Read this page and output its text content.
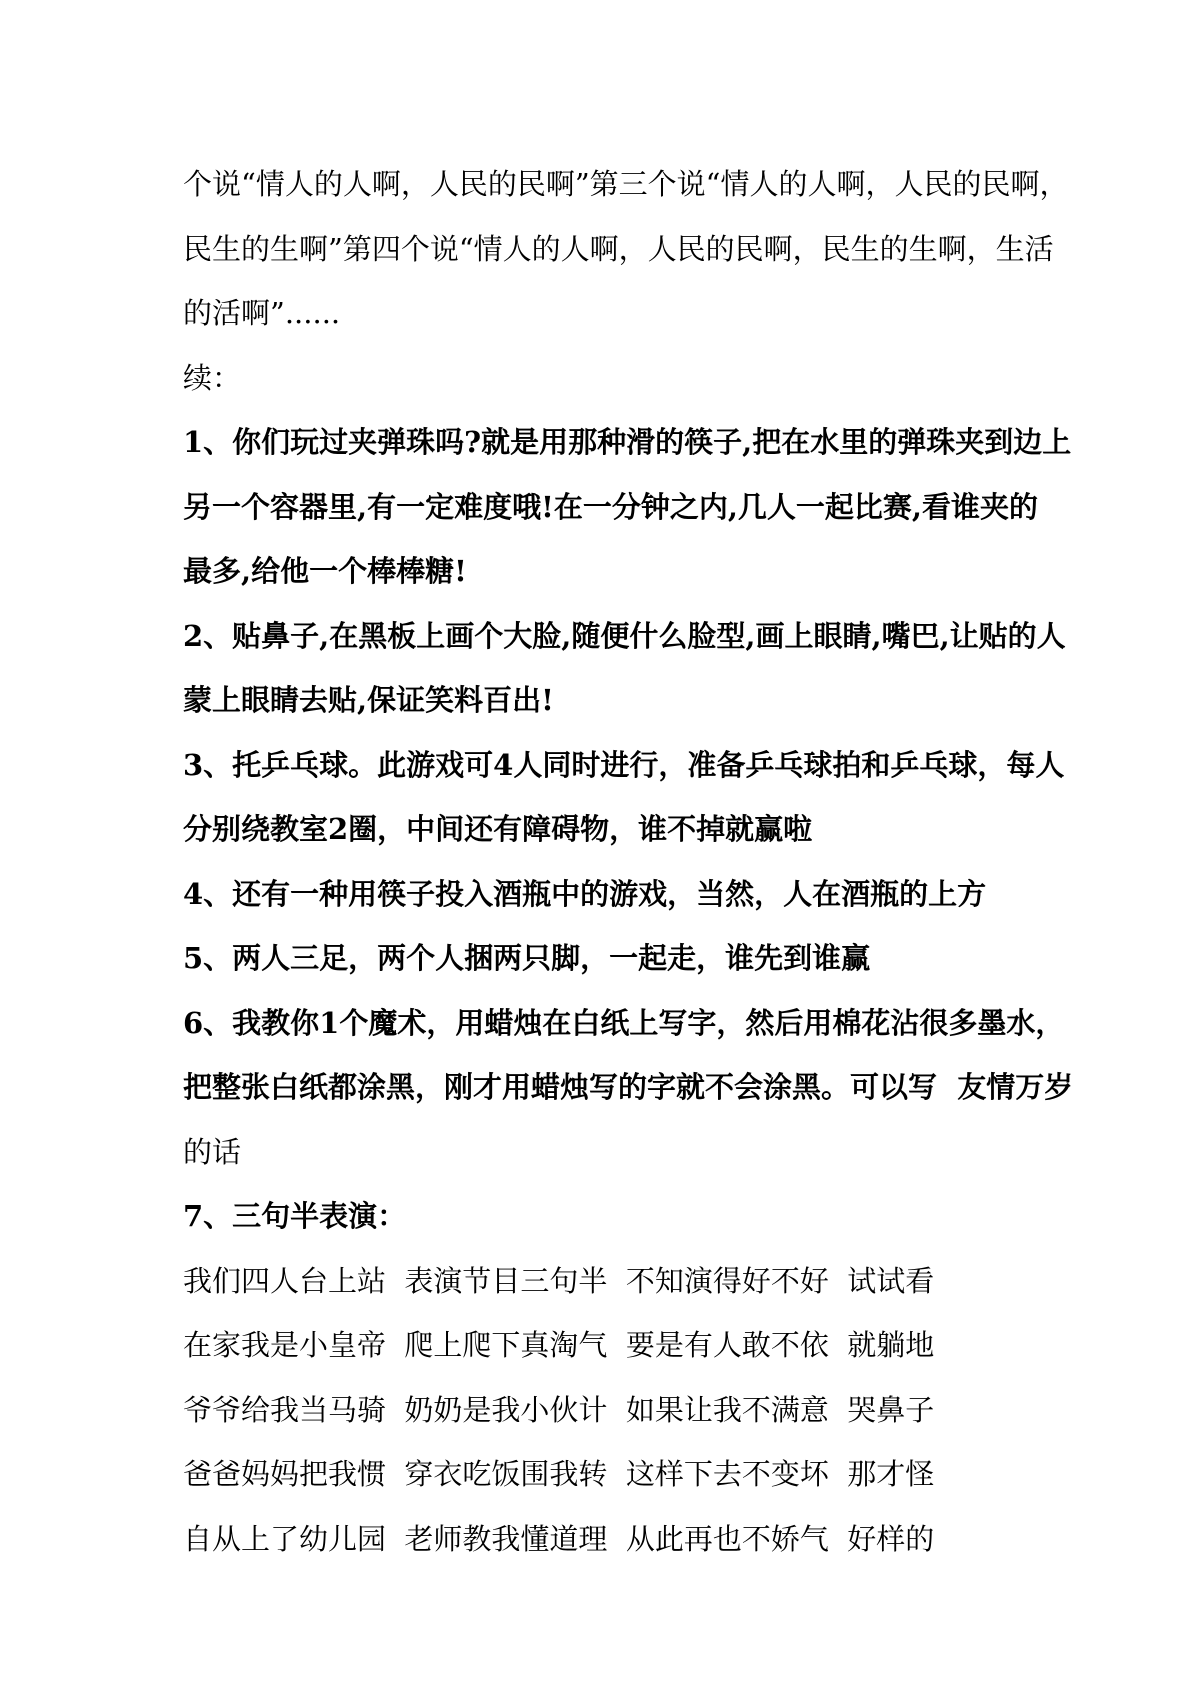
个说“情人的人啊，人民的民啊”第三个说“情人的人啊，人民的民啊，
民生的生啊”第四个说“情人的人啊，人民的民啊，民生的生啊，生活
的活啊”......
续：
1、你们玩过夹弹珠吗?就是用那种滑的筷子,把在水里的弹珠夹到边上
另一个容器里,有一定难度哦!在一分钟之内,几人一起比赛,看谁夹的
最多,给他一个棒棒糖!
2、贴鼻子,在黑板上画个大脸,随便什么脸型,画上眼睛,嘴巴,让贴的人
蒙上眼睛去贴,保证笑料百出!
3、托乒乓球。此游戏可4人同时进行，准备乒乓球拍和乒乓球，每人
分别绕教室2圈，中间还有障碍物，谁不掉就赢啦
4、还有一种用筷子投入酒瓶中的游戏，当然，人在酒瓶的上方
5、两人三足，两个人捆两只脚，一起走，谁先到谁赢
6、我教你1个魔术，用蜡烛在白纸上写字，然后用棉花沾很多墨水，
把整张白纸都涂黑，刚才用蜡烛写的字就不会涂黑。可以写  友情万岁
的话
7、三句半表演：
我们四人台上站  表演节目三句半  不知演得好不好  试试看
在家我是小皇帝  爬上爬下真淘气  要是有人敢不依  就躺地
爷爷给我当马骑  奶奶是我小伙计  如果让我不满意  哭鼻子
爸爸妈妈把我惯  穿衣吃饭围我转  这样下去不变坏  那才怪
自从上了幼儿园  老师教我懂道理  从此再也不娇气  好样的
